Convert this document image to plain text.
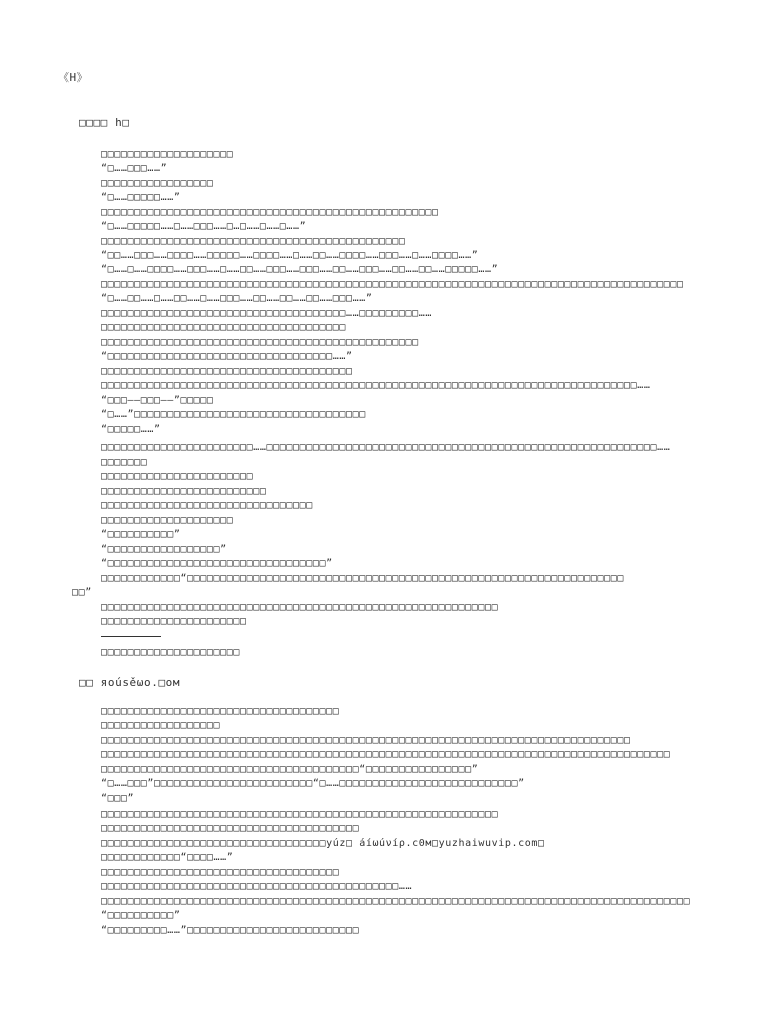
《H》
□□□□ h□
□□□□□□□□□□□□□□□□□□□□
“□……□□□……”
□□□□□□□□□□□□□□□□□
“□……□□□□□……”
□□□□□□□□□□□□□□□□□□□□□□□□□□□□□□□□□□□□□□□□□□□□□□□□□□□
“□……□□□□□……□……□□□……□…□……□……□……”
□□□□□□□□□□□□□□□□□□□□□□□□□□□□□□□□□□□□□□□□□□□□□□
“□□……□□□……□□□□……□□□□□……□□□□……□……□□……□□□□……□□□……□……□□□□……”
“□……□……□□□□……□□□……□……□□……□□□……□□□……□□……□□□……□□……□□……□□□□□……”
□□□□□□□□□□□□□□□□□□□□□□□□□□□□□□□□□□□□□□□□□□□□□□□□□□□□□□□□□□□□□□□□□□□□□□□□□□□□□□□□□□□□□□□□
“□……□□……□……□□……□……□□□……□□……□□……□□……□□□……”
□□□□□□□□□□□□□□□□□□□□□□□□□□□□□□□□□□□□□……□□□□□□□□□……
□□□□□□□□□□□□□□□□□□□□□□□□□□□□□□□□□□□□□
□□□□□□□□□□□□□□□□□□□□□□□□□□□□□□□□□□□□□□□□□□□□□□□□
“□□□□□□□□□□□□□□□□□□□□□□□□□□□□□□□□□□……”
□□□□□□□□□□□□□□□□□□□□□□□□□□□□□□□□□□□□□□
□□□□□□□□□□□□□□□□□□□□□□□□□□□□□□□□□□□□□□□□□□□□□□□□□□□□□□□□□□□□□□□□□□□□□□□□□□□□□□□□□……
“□□□——□□□——”□□□□□
“□……”□□□□□□□□□□□□□□□□□□□□□□□□□□□□□□□□□□□
“□□□□□……”
□□□□□□□□□□□□□□□□□□□□□□□……□□□□□□□□□□□□□□□□□□□□□□□□□□□□□□□□□□□□□□□□□□□□□□□□□□□□□□□□□□□……
□□□□□□□
□□□□□□□□□□□□□□□□□□□□□□□
□□□□□□□□□□□□□□□□□□□□□□□□□
□□□□□□□□□□□□□□□□□□□□□□□□□□□□□□□□
□□□□□□□□□□□□□□□□□□□□
“□□□□□□□□□□”
“□□□□□□□□□□□□□□□□□”
“□□□□□□□□□□□□□□□□□□□□□□□□□□□□□□□□□”
□□□□□□□□□□□□“□□□□□□□□□□□□□□□□□□□□□□□□□□□□□□□□□□□□□□□□□□□□□□□□□□□□□□□□□□□□□□□□□□
□□”
□□□□□□□□□□□□□□□□□□□□□□□□□□□□□□□□□□□□□□□□□□□□□□□□□□□□□□□□□□□□
□□□□□□□□□□□□□□□□□□□□□□
□□□□□□□□□□□□□□□□□□□□□
□□ яоúsěωо.□ом
□□□□□□□□□□□□□□□□□□□□□□□□□□□□□□□□□□□□
□□□□□□□□□□□□□□□□□□
□□□□□□□□□□□□□□□□□□□□□□□□□□□□□□□□□□□□□□□□□□□□□□□□□□□□□□□□□□□□□□□□□□□□□□□□□□□□□□□□
□□□□□□□□□□□□□□□□□□□□□□□□□□□□□□□□□□□□□□□□□□□□□□□□□□□□□□□□□□□□□□□□□□□□□□□□□□□□□□□□□□□□□□
□□□□□□□□□□□□□□□□□□□□□□□□□□□□□□□□□□□□□□□“□□□□□□□□□□□□□□□□”
“□……□□□”□□□□□□□□□□□□□□□□□□□□□□□□“□……□□□□□□□□□□□□□□□□□□□□□□□□□□□”
“□□□”
□□□□□□□□□□□□□□□□□□□□□□□□□□□□□□□□□□□□□□□□□□□□□□□□□□□□□□□□□□□□
□□□□□□□□□□□□□□□□□□□□□□□□□□□□□□□□□□□□□□□
□□□□□□□□□□□□□□□□□□□□□□□□□□□□□□□□□□yúz□ áíωúνíρ.c0м□yuzhaiwuvip.com□
□□□□□□□□□□□□“□□□□……”
□□□□□□□□□□□□□□□□□□□□□□□□□□□□□□□□□□□□
□□□□□□□□□□□□□□□□□□□□□□□□□□□□□□□□□□□□□□□□□□□□□……
□□□□□□□□□□□□□□□□□□□□□□□□□□□□□□□□□□□□□□□□□□□□□□□□□□□□□□□□□□□□□□□□□□□□□□□□□□□□□□□□□□□□□□□□□
“□□□□□□□□□□”
“□□□□□□□□□……”□□□□□□□□□□□□□□□□□□□□□□□□□□
